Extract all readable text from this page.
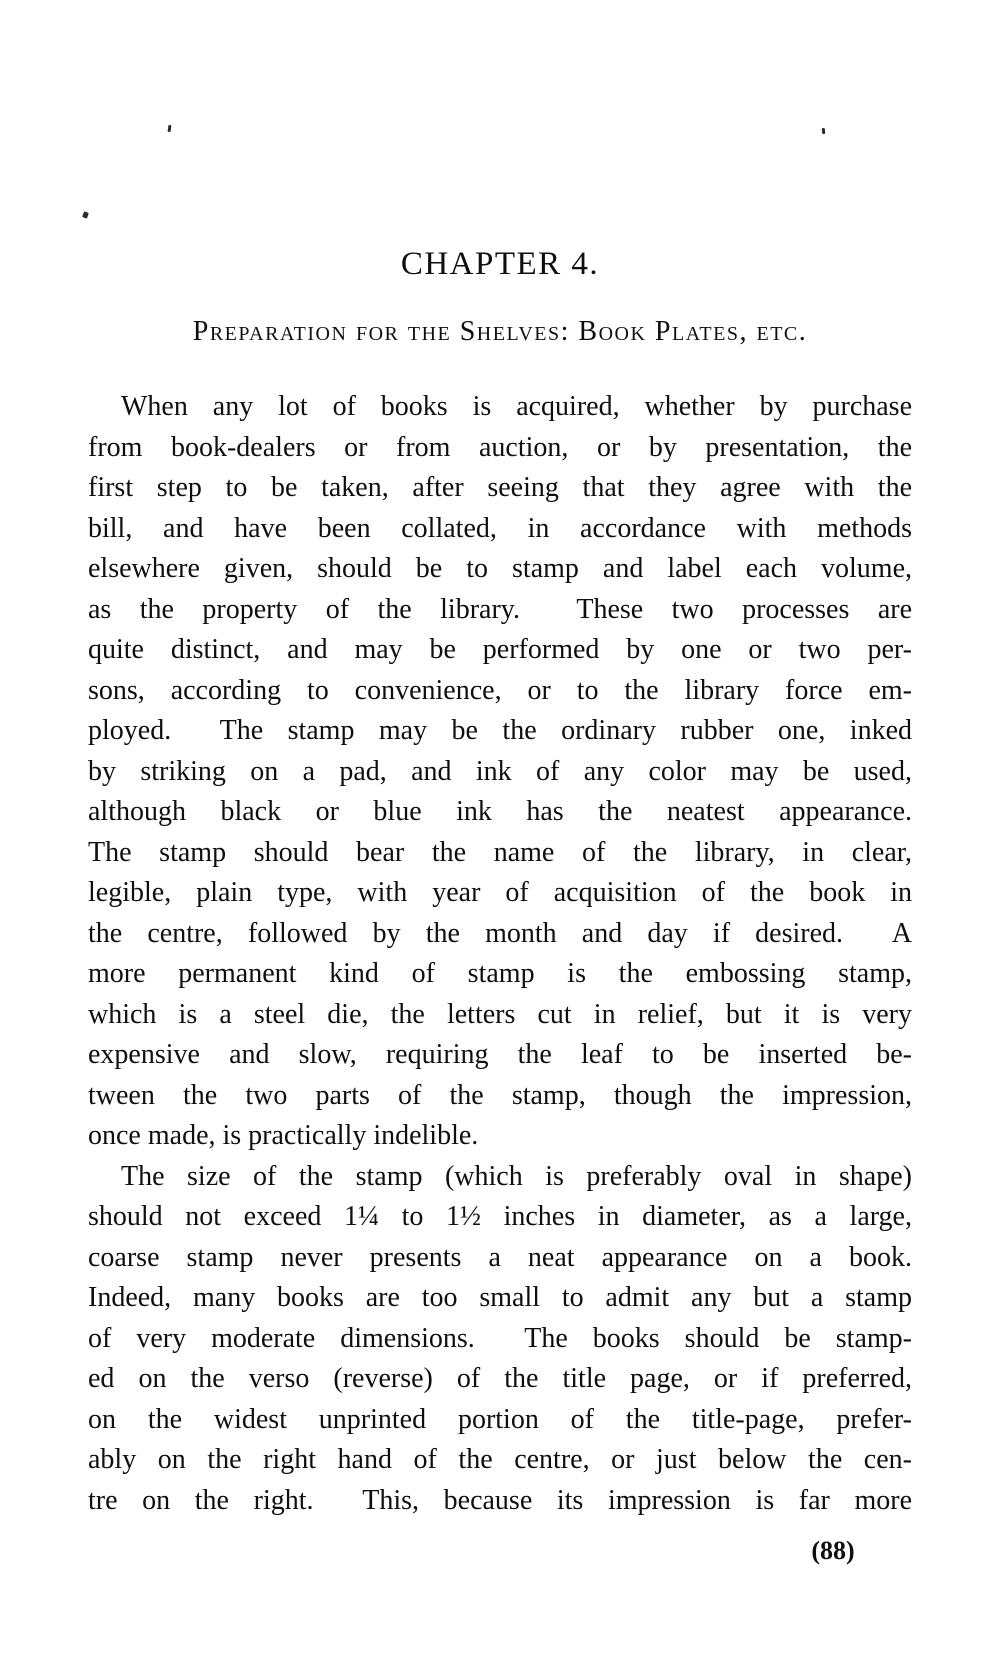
CHAPTER 4.
Preparation for the Shelves: Book Plates, etc.
When any lot of books is acquired, whether by purchase
from book-dealers or from auction, or by presentation, the
first step to be taken, after seeing that they agree with the
bill, and have been collated, in accordance with methods
elsewhere given, should be to stamp and label each volume,
as the property of the library.  These two processes are
quite distinct, and may be performed by one or two per-
sons, according to convenience, or to the library force em-
ployed.  The stamp may be the ordinary rubber one, inked
by striking on a pad, and ink of any color may be used,
although black or blue ink has the neatest appearance.
The stamp should bear the name of the library, in clear,
legible, plain type, with year of acquisition of the book in
the centre, followed by the month and day if desired.  A
more permanent kind of stamp is the embossing stamp,
which is a steel die, the letters cut in relief, but it is very
expensive and slow, requiring the leaf to be inserted be-
tween the two parts of the stamp, though the impression,
once made, is practically indelible.
The size of the stamp (which is preferably oval in shape)
should not exceed 1¼ to 1½ inches in diameter, as a large,
coarse stamp never presents a neat appearance on a book.
Indeed, many books are too small to admit any but a stamp
of very moderate dimensions.  The books should be stamp-
ed on the verso (reverse) of the title page, or if preferred,
on the widest unprinted portion of the title-page, prefer-
ably on the right hand of the centre, or just below the cen-
tre on the right.  This, because its impression is far more
(88)
